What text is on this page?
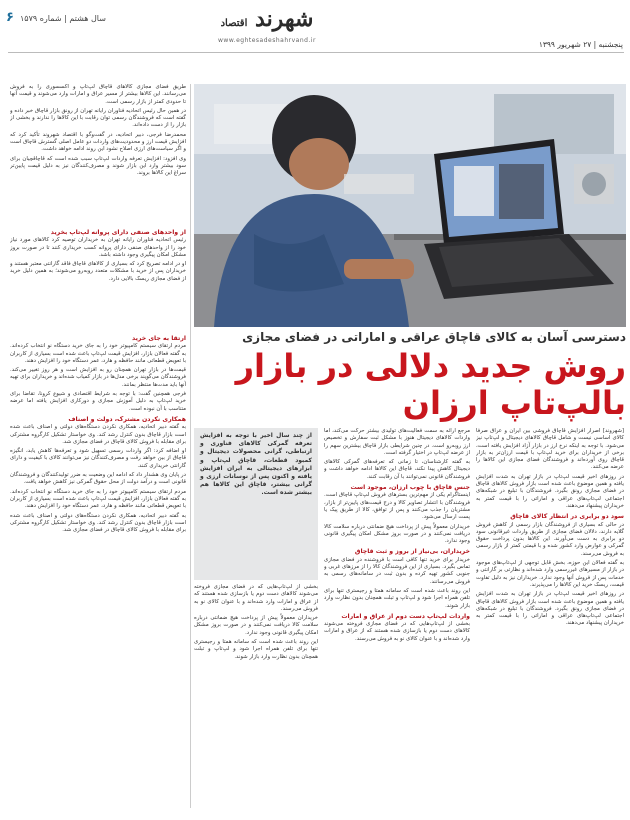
۶ سال هشتم | شماره ۱۵۷۹	شهرند اقتصاد
www.eghtesadeshahrvand.ir	پنجشنبه | ۲۷ شهریور ۱۳۹۹

طریق فضای مجازی کالاهای قاچاق لپ‌تاپ و اکسسوری را به فروش می‌رسانند. این کالاها بیشتر از مسیر عراق و امارات وارد می‌شوند و قیمت آنها تا حدودی کمتر از بازار رسمی است.

در همین حال رئیس اتحادیه فناوران رایانه تهران از رونق بازار قاچاق خبر داده و گفته است که فروشندگان رسمی توان رقابت با این کالاها را ندارند و بخشی از بازار را از دست داده‌اند.

محمدرضا فرجی، دبیر اتحادیه، در گفت‌وگو با اقتصاد شهروند تأکید کرد که افزایش قیمت ارز و محدودیت‌های واردات دو عامل اصلی گسترش قاچاق است و اگر سیاست‌های ارزی اصلاح نشود این روند ادامه خواهد داشت.

وی افزود: افزایش تعرفه واردات لپ‌تاپ سبب شده است که قاچاقچیان برای سود بیشتر وارد این بازار شوند و مصرف‌کنندگان نیز به دلیل قیمت پایین‌تر سراغ این کالاها بروند.

از واحدهای صنفی دارای پروانه لپ‌تاپ بخرید

رئیس اتحادیه فناوران رایانه تهران به خریداران توصیه کرد کالاهای مورد نیاز خود را از واحدهای صنفی دارای پروانه کسب خریداری کنند تا در صورت بروز مشکل امکان پیگیری وجود داشته باشد.

او در ادامه تصریح کرد که بسیاری از کالاهای قاچاق فاقد گارانتی معتبر هستند و خریداران پس از خرید با مشکلات متعدد روبه‌رو می‌شوند؛ به همین دلیل خرید از فضای مجازی ریسک بالایی دارد.

دسترسی آسان به کالای قاچاق عراقی و اماراتی در فضای مجازی
روش جدید دلالی در بازار
بالپ‌تاپ ارزان
از چند سال اخیر با توجه به افزایش تعرفه گمرکی کالاهای فناوری و ارتباطی، گرانی محصولات دیجیتال و کمبود قطعات، قاچاق لپ‌تاپ و ابزارهای دیجیتالی به ایران افزایش یافته و اکنون پس از نوسانات ارزی و گرانی بیشتر، قاچاق این کالاها هم بیشتر شده است.
ارتقا به جای خرید

مردم ارتقای سیستم کامپیوتر خود را به جای خرید دستگاه نو انتخاب کرده‌اند. به گفته فعالان بازار، افزایش قیمت لپ‌تاپ باعث شده است بسیاری از کاربران با تعویض قطعاتی مانند حافظه و هارد، عمر دستگاه خود را افزایش دهند.

قیمت‌ها در بازار تهران همچنان رو به افزایش است و هر روز تغییر می‌کند. فروشندگان می‌گویند برخی مدل‌ها در بازار کمیاب شده‌اند و خریداران برای تهیه آنها باید مدت‌ها منتظر بمانند.

فرجی همچنین گفت: با توجه به شرایط اقتصادی و شیوع کرونا، تقاضا برای خرید لپ‌تاپ به دلیل آموزش مجازی و دورکاری افزایش یافته اما عرضه متناسب با آن نبوده است.

همکاری نکردن مشترک، دولت و اصناف

به گفته دبیر اتحادیه، همکاری نکردن دستگاه‌های دولتی و اصناف باعث شده است بازار قاچاق بدون کنترل رشد کند. وی خواستار تشکیل کارگروه مشترکی برای مقابله با فروش کالای قاچاق در فضای مجازی شد.

او اضافه کرد: اگر واردات رسمی تسهیل شود و تعرفه‌ها کاهش یابد، انگیزه قاچاق از بین خواهد رفت و مصرف‌کنندگان نیز می‌توانند کالای با کیفیت و دارای گارانتی خریداری کنند.

در پایان وی هشدار داد که ادامه این وضعیت به ضرر تولیدکنندگان و فروشندگان قانونی است و درآمد دولت از محل حقوق گمرکی نیز کاهش خواهد یافت.

مردم ارتقای سیستم کامپیوتر خود را به جای خرید دستگاه نو انتخاب کرده‌اند. به گفته فعالان بازار، افزایش قیمت لپ‌تاپ باعث شده است بسیاری از کاربران با تعویض قطعاتی مانند حافظه و هارد، عمر دستگاه خود را افزایش دهند.

به گفته دبیر اتحادیه، همکاری نکردن دستگاه‌های دولتی و اصناف باعث شده است بازار قاچاق بدون کنترل رشد کند. وی خواستار تشکیل کارگروه مشترکی برای مقابله با فروش کالای قاچاق در فضای مجازی شد.

بخشی از لپ‌تاپ‌هایی که در فضای مجازی فروخته می‌شوند کالاهای دست دوم یا بازسازی شده هستند که از عراق و امارات وارد شده‌اند و با عنوان کالای نو به فروش می‌رسند.

خریداران معمولاً پیش از پرداخت هیچ ضمانتی درباره سلامت کالا دریافت نمی‌کنند و در صورت بروز مشکل امکان پیگیری قانونی وجود ندارد.

این روند باعث شده است که سامانه همتا و رجیستری تنها برای تلفن همراه اجرا شود و لپ‌تاپ و تبلت همچنان بدون نظارت وارد بازار شوند.

مرجع ارائه به سمت فعالیت‌های تولیدی بیشتر حرکت می‌کند، اما واردات کالاهای دیجیتال هنوز با مشکل ثبت سفارش و تخصیص ارز روبه‌رو است. در چنین شرایطی بازار قاچاق بیشترین سهم را از عرضه لپ‌تاپ در اختیار گرفته است.

به گفته کارشناسان، تا زمانی که تعرفه‌های گمرکی کالاهای دیجیتال کاهش پیدا نکند، قاچاق این کالاها ادامه خواهد داشت و فروشندگان قانونی نمی‌توانند با آن رقابت کنند.

جنس قاچاق با چوب ارزان، موجود است

اینستاگرام یکی از مهم‌ترین بسترهای فروش لپ‌تاپ قاچاق است. فروشندگان با انتشار تصاویر کالا و درج قیمت‌های پایین‌تر از بازار، مشتریان را جذب می‌کنند و پس از توافق، کالا از طریق پیک یا پست ارسال می‌شود.

خریداران معمولاً پیش از پرداخت هیچ ضمانتی درباره سلامت کالا دریافت نمی‌کنند و در صورت بروز مشکل امکان پیگیری قانونی وجود ندارد.

خریداران، بی‌نیاز از بروز و ثبت قاچاق

خریدار برای خرید تنها کافی است با فروشنده در فضای مجازی تماس بگیرد. بسیاری از این فروشندگان کالا را از مرزهای غربی و جنوبی کشور تهیه کرده و بدون ثبت در سامانه‌های رسمی به فروش می‌رسانند.

این روند باعث شده است که سامانه همتا و رجیستری تنها برای تلفن همراه اجرا شود و لپ‌تاپ و تبلت همچنان بدون نظارت وارد بازار شوند.

واردات لپ‌تاپ دست دوم از عراق و امارات

بخشی از لپ‌تاپ‌هایی که در فضای مجازی فروخته می‌شوند کالاهای دست دوم یا بازسازی شده هستند که از عراق و امارات وارد شده‌اند و با عنوان کالای نو به فروش می‌رسند.

[شهروند] اصرار افزایش قاچاق فروشی بین ایران و عراق صرفاً کالای اساسی نیست و شامل قاچاق کالاهای دیجیتال و لپ‌تاپ نیز می‌شود. با توجه به اینکه نرخ ارز در بازار آزاد افزایش یافته است، برخی از خریداران برای خرید لپ‌تاپ با قیمت ارزان‌تر به بازار قاچاق روی آورده‌اند و فروشندگان فضای مجازی این کالاها را عرضه می‌کنند.

در روزهای اخیر قیمت لپ‌تاپ در بازار تهران به شدت افزایش یافته و همین موضوع باعث شده است بازار فروش کالاهای قاچاق در فضای مجازی رونق بگیرد. فروشندگان با تبلیغ در شبکه‌های اجتماعی لپ‌تاپ‌های عراقی و اماراتی را با قیمت کمتر به خریداران پیشنهاد می‌دهند.

سود دو برابری در انتظار کالای قاچاق

در حالی که بسیاری از فروشندگان بازار رسمی از کاهش فروش گلایه دارند، دلالان فضای مجازی از طریق واردات غیرقانونی سود دو برابری به دست می‌آورند. این کالاها بدون پرداخت حقوق گمرکی و عوارض وارد کشور شده و با قیمتی کمتر از بازار رسمی به فروش می‌رسند.

به گفته فعالان این حوزه، بخش قابل توجهی از لپ‌تاپ‌های موجود در بازار از مسیرهای غیررسمی وارد شده‌اند و نظارتی بر گارانتی و خدمات پس از فروش آنها وجود ندارد. خریداران نیز به دلیل تفاوت قیمت، ریسک خرید این کالاها را می‌پذیرند.

در روزهای اخیر قیمت لپ‌تاپ در بازار تهران به شدت افزایش یافته و همین موضوع باعث شده است بازار فروش کالاهای قاچاق در فضای مجازی رونق بگیرد. فروشندگان با تبلیغ در شبکه‌های اجتماعی لپ‌تاپ‌های عراقی و اماراتی را با قیمت کمتر به خریداران پیشنهاد می‌دهند.
